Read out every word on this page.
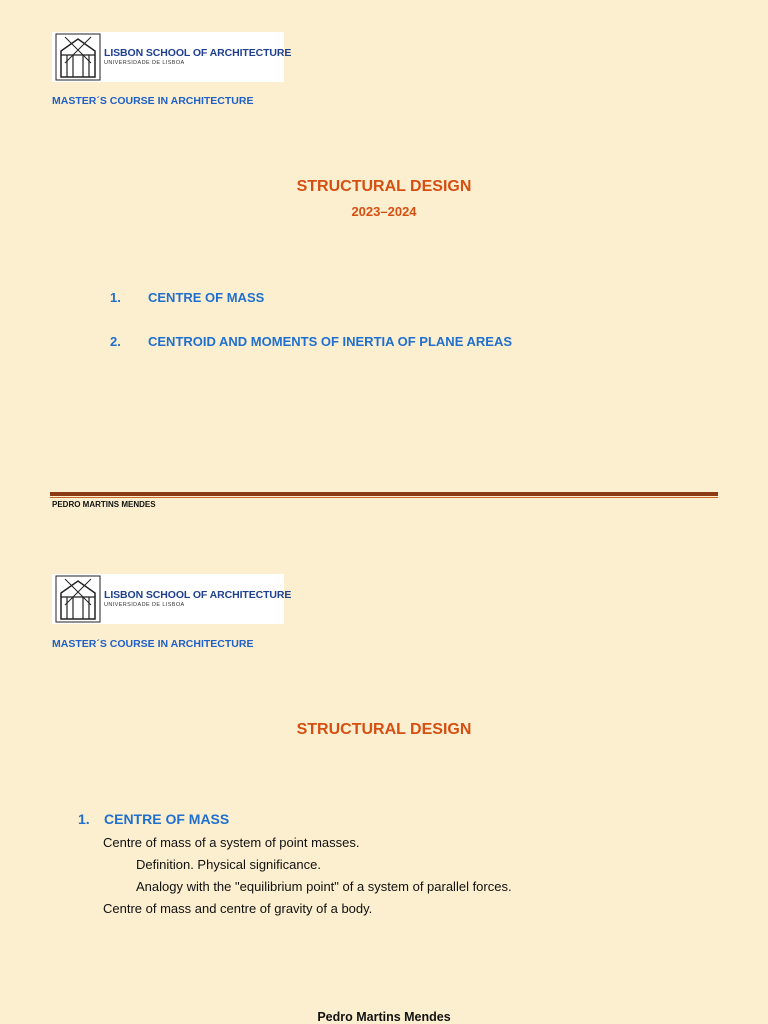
LISBON SCHOOL OF ARCHITECTURE
UNIVERSIDADE DE LISBOA
MASTER´S COURSE IN ARCHITECTURE
STRUCTURAL DESIGN
2023–2024
1. CENTRE OF MASS
2. CENTROID AND MOMENTS OF INERTIA OF PLANE AREAS
PEDRO MARTINS MENDES
LISBON SCHOOL OF ARCHITECTURE
UNIVERSIDADE DE LISBOA
MASTER´S COURSE IN ARCHITECTURE
STRUCTURAL DESIGN
1. CENTRE OF MASS
Centre of mass of a system of point masses.
Definition. Physical significance.
Analogy with the "equilibrium point" of a system of parallel forces.
Centre of mass and centre of gravity of a body.
Pedro Martins Mendes
